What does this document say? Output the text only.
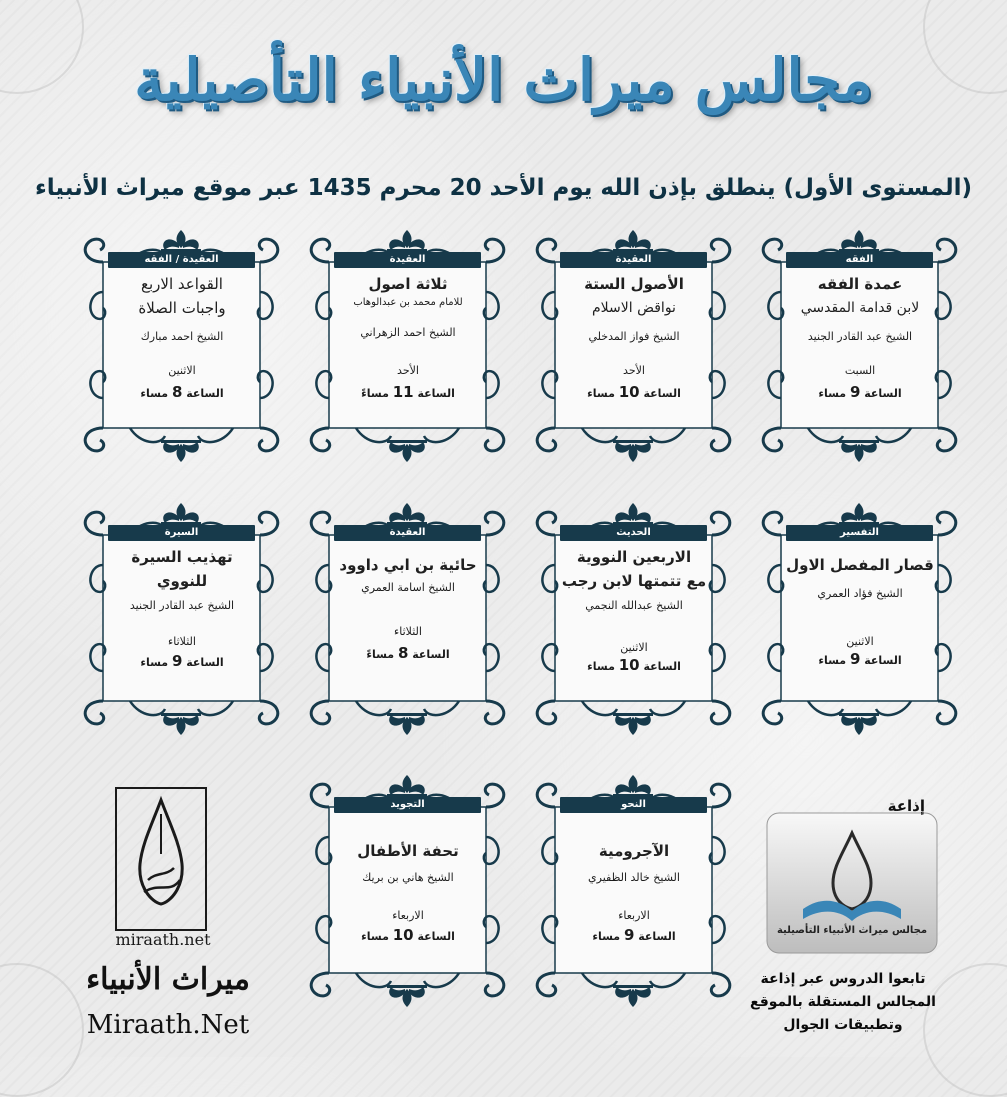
مجالس ميراث الأنبياء التأصيلية
(المستوى الأول) ينطلق بإذن الله يوم الأحد 20 محرم 1435 عبر موقع ميراث الأنبياء
الفقه
عمدة الفقه
لابن قدامة المقدسي
الشيخ عبد القادر الجنيد
السبت
الساعة 9 مساء
العقيدة
الأصول الستة
نواقض الاسلام
الشيخ فواز المدخلي
الأحد
الساعة 10 مساء
العقيدة
ثلاثة اصول
للامام محمد بن عبدالوهاب
الشيخ احمد الزهراني
الأحد
الساعة 11 مساءً
العقيدة / الفقه
القواعد الاربع
واجبات الصلاة
الشيخ احمد مبارك
الاثنين
الساعة 8 مساء
التفسير
قصار المفصل الاول
الشيخ فؤاد العمري
الاثنين
الساعة 9 مساء
الحديث
الاربعين النووية
مع تتمتها لابن رجب
الشيخ عبدالله النجمي
الاثنين
الساعة 10 مساء
العقيدة
حائية بن ابي داوود
الشيخ اسامة العمري
الثلاثاء
الساعة 8 مساءً
السيرة
تهذيب السيرة
للنووي
الشيخ عبد القادر الجنيد
الثلاثاء
الساعة 9 مساء
النحو
الآجرومية
الشيخ خالد الظفيري
الاربعاء
الساعة 9 مساء
التجويد
تحفة الأطفال
الشيخ هاني بن بريك
الاربعاء
الساعة 10 مساء
miraath.net
ميراث الأنبياء
Miraath.Net
إذاعة
مجالس ميراث الأنبياء التأصيلية
تابعوا الدروس عبر إذاعة
المجالس المستقلة بالموقع
وتطبيقات الجوال
